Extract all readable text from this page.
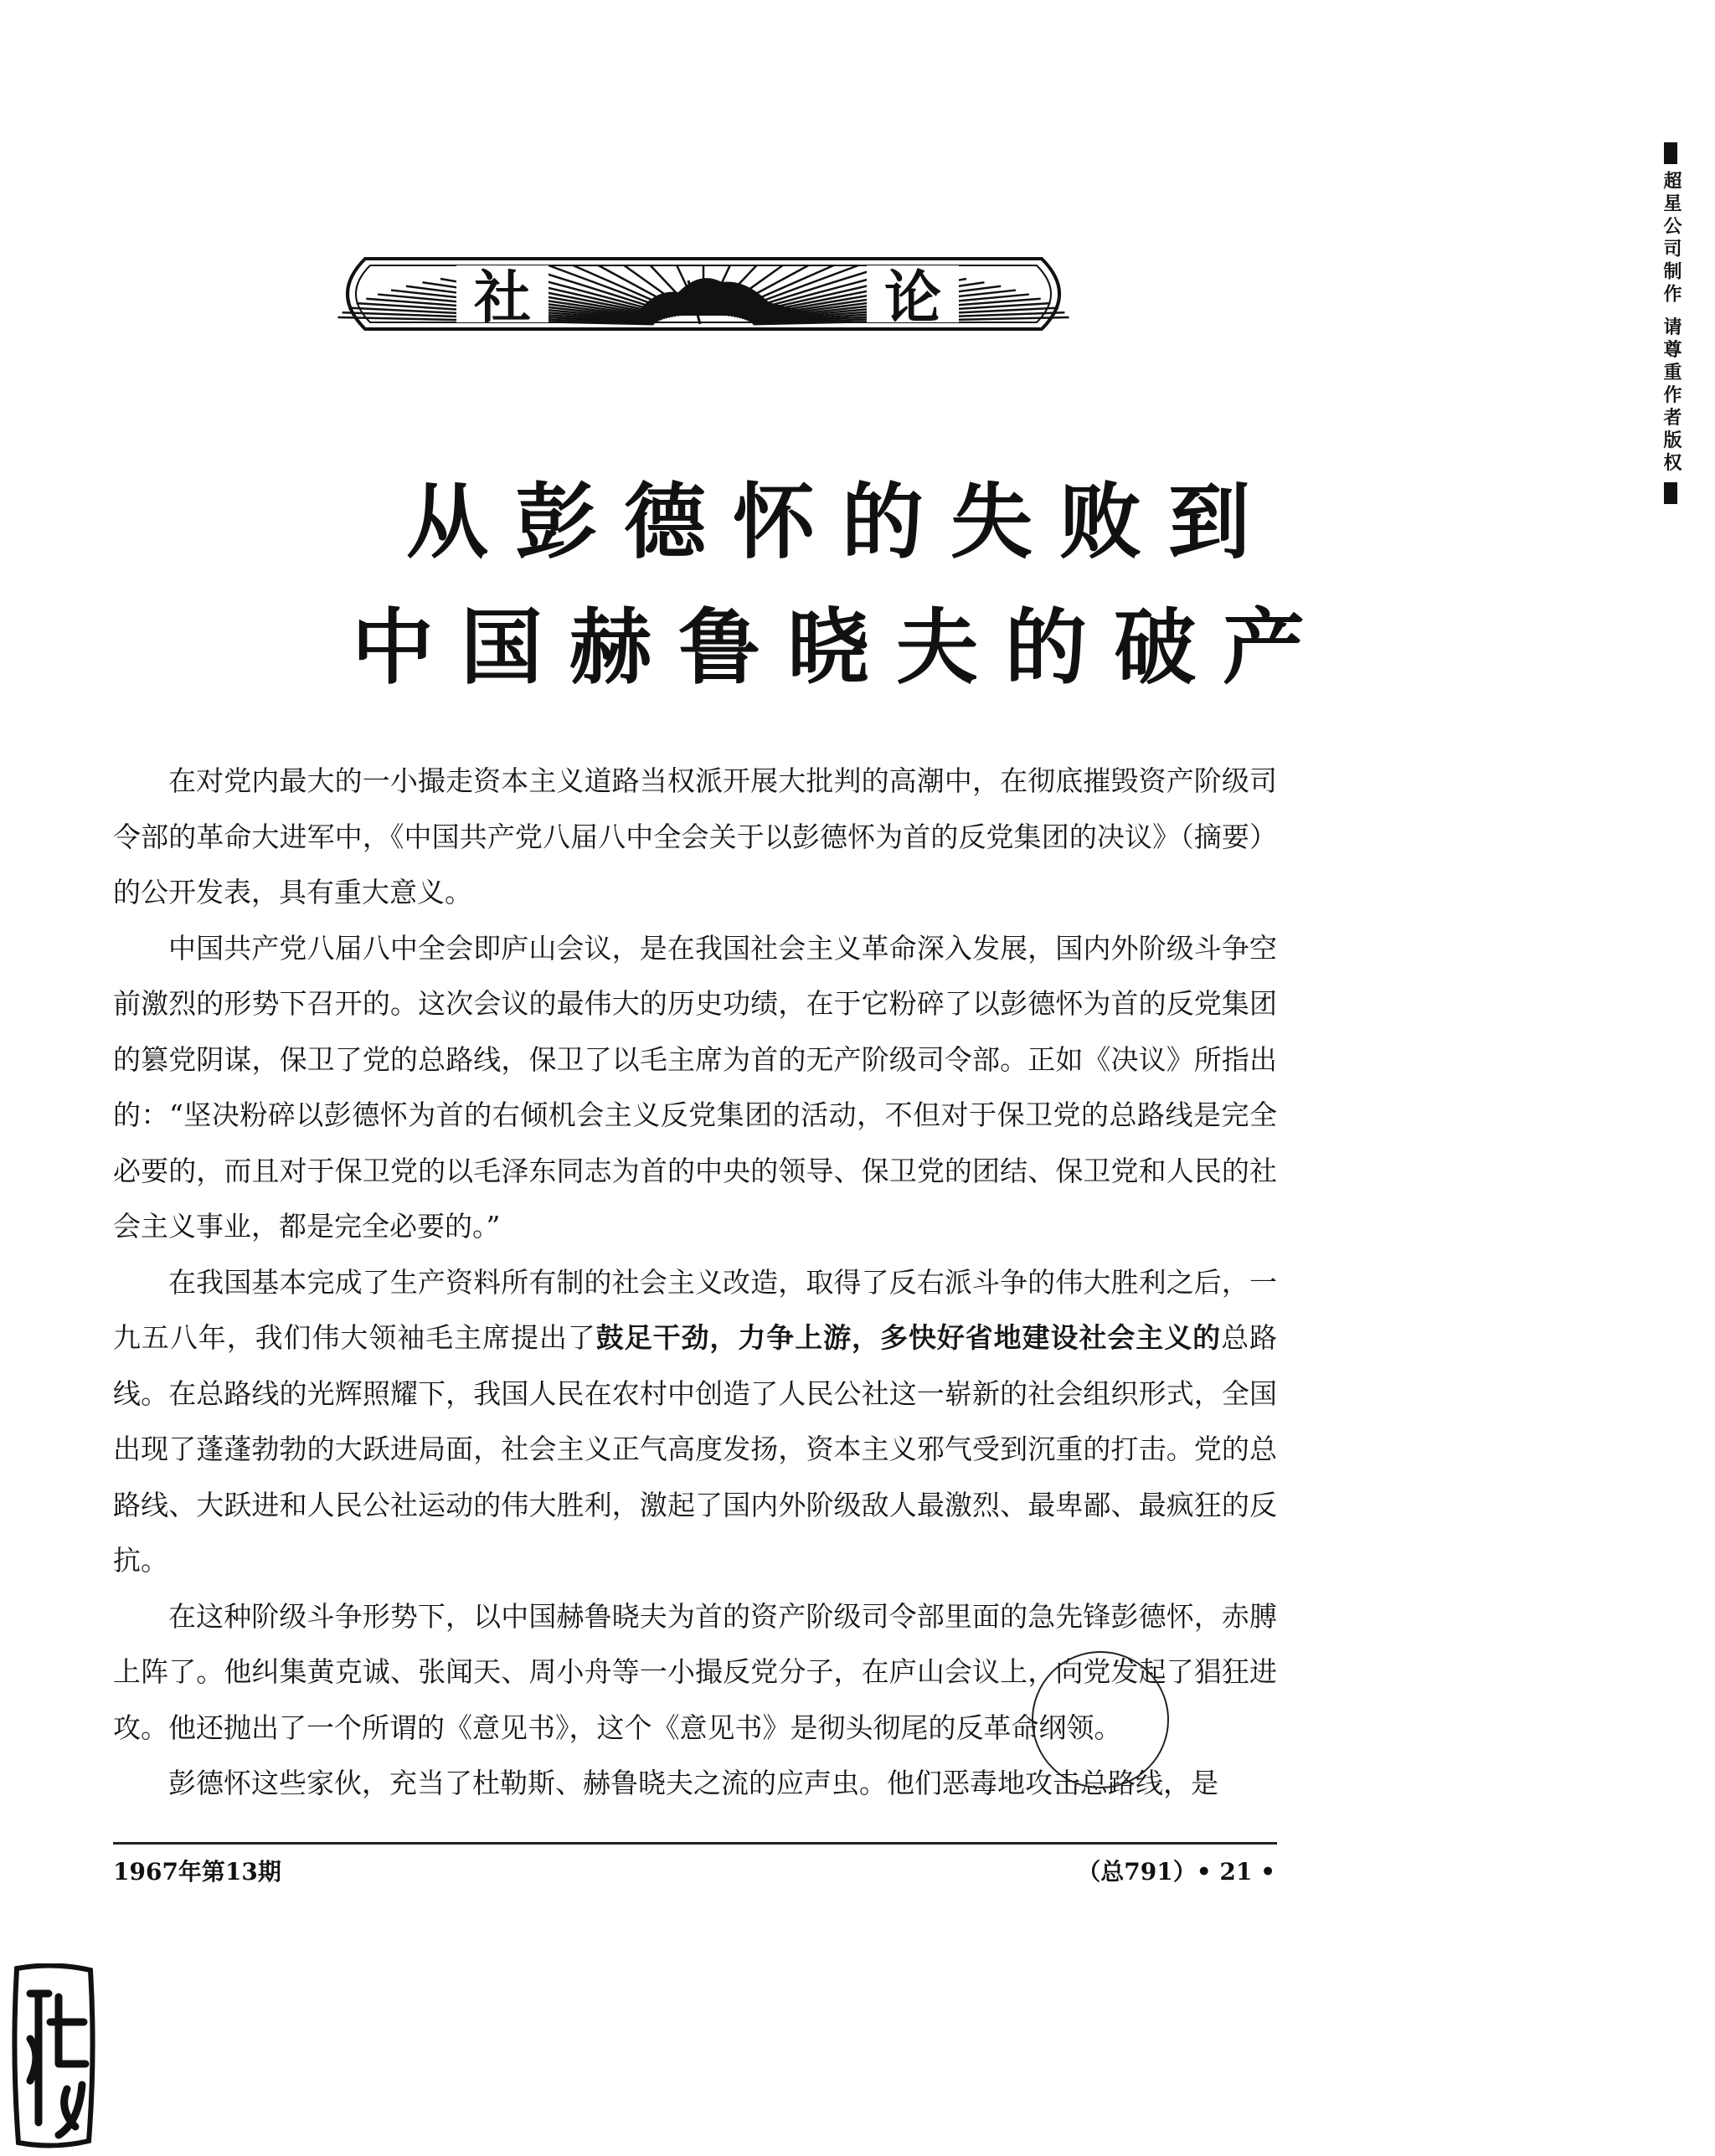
超星公司制作 请尊重作者版权
社	论
从彭德怀的失败到
中国赫鲁晓夫的破产

在对党内最大的一小撮走资本主义道路当权派开展大批判的高潮中，在彻底摧毁资产阶级司令部的革命大进军中，《中国共产党八届八中全会关于以彭德怀为首的反党集团的决议》（摘要）的公开发表，具有重大意义。

中国共产党八届八中全会即庐山会议，是在我国社会主义革命深入发展，国内外阶级斗争空前激烈的形势下召开的。这次会议的最伟大的历史功绩，在于它粉碎了以彭德怀为首的反党集团的篡党阴谋，保卫了党的总路线，保卫了以毛主席为首的无产阶级司令部。正如《决议》所指出的：“坚决粉碎以彭德怀为首的右倾机会主义反党集团的活动，不但对于保卫党的总路线是完全必要的，而且对于保卫党的以毛泽东同志为首的中央的领导、保卫党的团结、保卫党和人民的社会主义事业，都是完全必要的。”

在我国基本完成了生产资料所有制的社会主义改造，取得了反右派斗争的伟大胜利之后，一九五八年，我们伟大领袖毛主席提出了鼓足干劲，力争上游，多快好省地建设社会主义的总路线。在总路线的光辉照耀下，我国人民在农村中创造了人民公社这一崭新的社会组织形式，全国出现了蓬蓬勃勃的大跃进局面，社会主义正气高度发扬，资本主义邪气受到沉重的打击。党的总路线、大跃进和人民公社运动的伟大胜利，激起了国内外阶级敌人最激烈、最卑鄙、最疯狂的反抗。

在这种阶级斗争形势下，以中国赫鲁晓夫为首的资产阶级司令部里面的急先锋彭德怀，赤膊上阵了。他纠集黄克诚、张闻天、周小舟等一小撮反党分子，在庐山会议上，向党发起了猖狂进攻。他还抛出了一个所谓的《意见书》，这个《意见书》是彻头彻尾的反革命纲领。

彭德怀这些家伙，充当了杜勒斯、赫鲁晓夫之流的应声虫。他们恶毒地攻击总路线，是

1967年第13期	（总791）• 21 •
